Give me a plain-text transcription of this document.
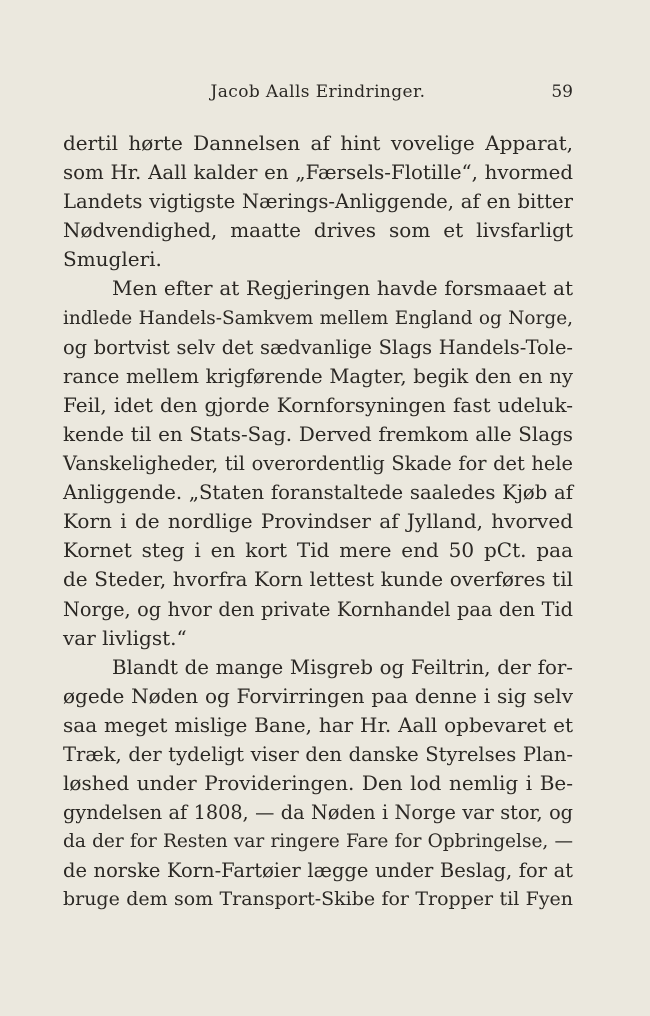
Jacob Aalls Erindringer.	59
dertil hørte Dannelsen af hint vovelige Apparat,
som Hr. Aall kalder en „Færsels-Flotille“, hvormed
Landets vigtigste Nærings-Anliggende, af en bitter
Nødvendighed, maatte drives som et livsfarligt
Smugleri.
Men efter at Regjeringen havde forsmaaet at
indlede Handels-Samkvem mellem England og Norge,
og bortvist selv det sædvanlige Slags Handels-Tole-
rance mellem krigførende Magter, begik den en ny
Feil, idet den gjorde Kornforsyningen fast udeluk-
kende til en Stats-Sag. Derved fremkom alle Slags
Vanskeligheder, til overordentlig Skade for det hele
Anliggende. „Staten foranstaltede saaledes Kjøb af
Korn i de nordlige Provindser af Jylland, hvorved
Kornet steg i en kort Tid mere end 50 pCt. paa
de Steder, hvorfra Korn lettest kunde overføres til
Norge, og hvor den private Kornhandel paa den Tid
var livligst.“
Blandt de mange Misgreb og Feiltrin, der for-
øgede Nøden og Forvirringen paa denne i sig selv
saa meget mislige Bane, har Hr. Aall opbevaret et
Træk, der tydeligt viser den danske Styrelses Plan-
løshed under Provideringen. Den lod nemlig i Be-
gyndelsen af 1808, — da Nøden i Norge var stor, og
da der for Resten var ringere Fare for Opbringelse, —
de norske Korn-Fartøier lægge under Beslag, for at
bruge dem som Transport-Skibe for Tropper til Fyen
